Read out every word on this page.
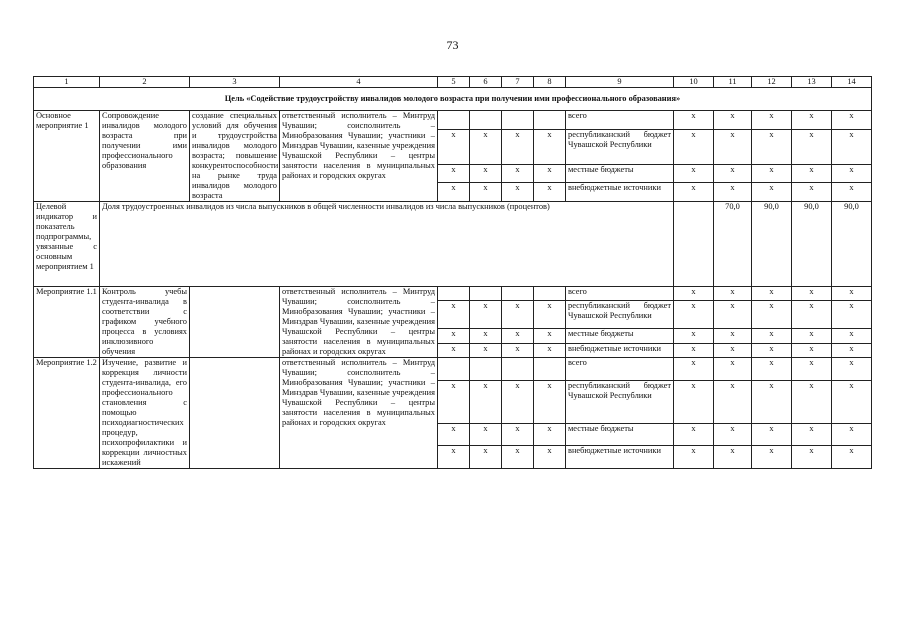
73
1	2	3	4	5	6	7	8	9	10	11	12	13	14	
Цель «Содействие трудоустройству инвалидов молодого возраста при получении ими профессионального образования»														
Основное мероприятие 1	Сопровождение инвалидов молодого возраста при получении ими профессионального образования	создание специальных условий для обучения и трудоустройства инвалидов молодого возраста; повышение конкурентоспособности на рынке труда инвалидов молодого возраста	ответственный исполнитель – Минтруд Чувашии; соисполнитель – Минобразования Чувашии; участники – Минздрав Чувашии, казенные учреждения Чувашской Республики – центры занятости населения в муниципальных районах и городских округах					всего	x	x	x	x	x	
				x	x	x	x	республиканский бюджет Чувашской Республики	x	x	x	x	x	
				x	x	x	x	местные бюджеты	x	x	x	x	x	
				x	x	x	x	внебюджетные источники	x	x	x	x	x	
Целевой индикатор и показатель подпрограммы, увязанные с основным мероприятием 1	Доля трудоустроенных инвалидов из числа выпускников в общей численности инвалидов из числа выпускников (процентов)									70,0	90,0	90,0	90,0	
Мероприятие 1.1	Контроль учебы студента-инвалида в соответствии с графиком учебного процесса в условиях инклюзивного обучения		ответственный исполнитель – Минтруд Чувашии; соисполнитель – Минобразования Чувашии; участники – Минздрав Чувашии, казенные учреждения Чувашской Республики – центры занятости населения в муниципальных районах и городских округах					всего	x	x	x	x	x	
				x	x	x	x	республиканский бюджет Чувашской Республики	x	x	x	x	x	
				x	x	x	x	местные бюджеты	x	x	x	x	x	
				x	x	x	x	внебюджетные источники	x	x	x	x	x	
Мероприятие 1.2	Изучение, развитие и коррекция личности студента-инвалида, его профессионального становления с помощью психодиагностических процедур, психопрофилактики и коррекции личностных искажений		ответственный исполнитель – Минтруд Чувашии; соисполнитель – Минобразования Чувашии; участники – Минздрав Чувашии, казенные учреждения Чувашской Республики – центры занятости населения в муниципальных районах и городских округах					всего	x	x	x	x	x	
				x	x	x	x	республиканский бюджет Чувашской Республики	x	x	x	x	x	
				x	x	x	x	местные бюджеты	x	x	x	x	x	
				x	x	x	x	внебюджетные источники	x	x	x	x	x	
